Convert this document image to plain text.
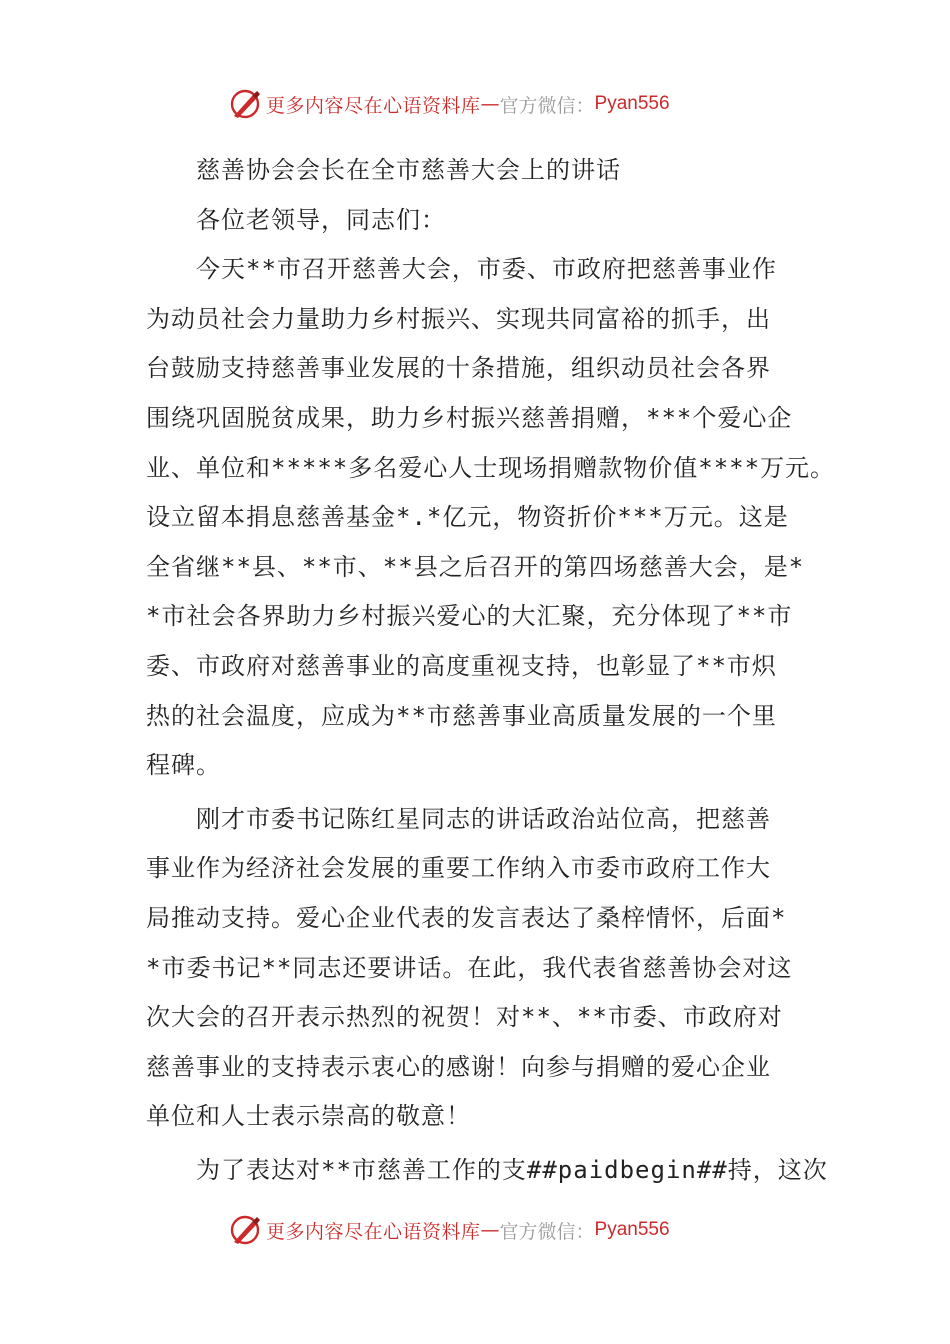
更多内容尽在心语资料库 — 官方微信： Pyan556
慈善协会会长在全市慈善大会上的讲话
各位老领导，同志们：
今天**市召开慈善大会，市委、市政府把慈善事业作
为动员社会力量助力乡村振兴、实现共同富裕的抓手，出
台鼓励支持慈善事业发展的十条措施，组织动员社会各界
围绕巩固脱贫成果，助力乡村振兴慈善捐赠，***个爱心企
业、单位和*****多名爱心人士现场捐赠款物价值****万元。
设立留本捐息慈善基金*.*亿元，物资折价***万元。这是
全省继**县、**市、**县之后召开的第四场慈善大会，是*
*市社会各界助力乡村振兴爱心的大汇聚，充分体现了**市
委、市政府对慈善事业的高度重视支持，也彰显了**市炽
热的社会温度，应成为**市慈善事业高质量发展的一个里
程碑。
刚才市委书记陈红星同志的讲话政治站位高，把慈善
事业作为经济社会发展的重要工作纳入市委市政府工作大
局推动支持。爱心企业代表的发言表达了桑梓情怀，后面*
*市委书记**同志还要讲话。在此，我代表省慈善协会对这
次大会的召开表示热烈的祝贺！对**、**市委、市政府对
慈善事业的支持表示衷心的感谢！向参与捐赠的爱心企业
单位和人士表示崇高的敬意！
为了表达对**市慈善工作的支##paidbegin##持，这次
更多内容尽在心语资料库 — 官方微信： Pyan556
